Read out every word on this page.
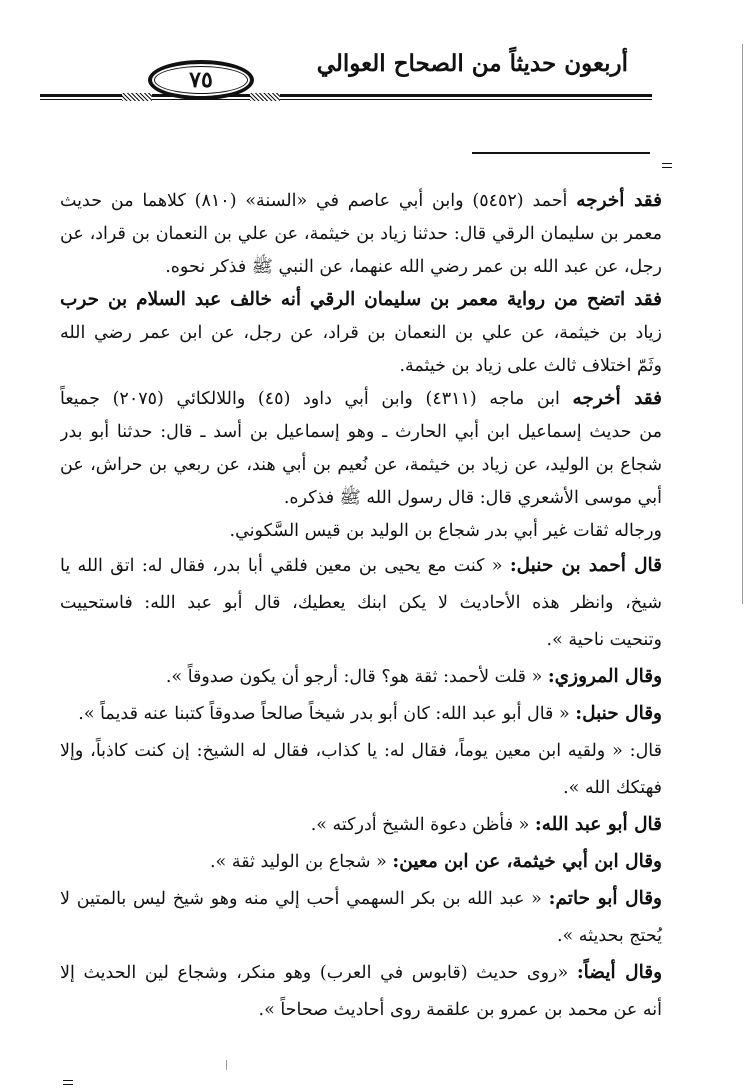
أربعون حديثاً من الصحاح العوالي
٧٥
فقد أخرجه أحمد (٥٤٥٢) وابن أبي عاصم في «السنة» (٨١٠) كلاهما من حديث
معمر بن سليمان الرقي قال: حدثنا زياد بن خيثمة، عن علي بن النعمان بن قراد، عن
رجل، عن عبد الله بن عمر رضي الله عنهما، عن النبي ﷺ فذكر نحوه.
فقد اتضح من رواية معمر بن سليمان الرقي أنه خالف عبد السلام بن حرب
زياد بن خيثمة، عن علي بن النعمان بن قراد، عن رجل، عن ابن عمر رضي الله
وثَمّ اختلاف ثالث على زياد بن خيثمة.
فقد أخرجه ابن ماجه (٤٣١١) وابن أبي داود (٤٥) واللالكائي (٢٠٧٥) جميعاً
من حديث إسماعيل ابن أبي الحارث ـ وهو إسماعيل بن أسد ـ قال: حدثنا أبو بدر
شجاع بن الوليد، عن زياد بن خيثمة، عن نُعيم بن أبي هند، عن ربعي بن حراش، عن
أبي موسى الأشعري قال: قال رسول الله ﷺ فذكره.
ورجاله ثقات غير أبي بدر شجاع بن الوليد بن قيس السَّكوني.
قال أحمد بن حنبل: « كنت مع يحيى بن معين فلقي أبا بدر، فقال له: اتق الله يا
شيخ، وانظر هذه الأحاديث لا يكن ابنك يعطيك، قال أبو عبد الله: فاستحييت
وتنحيت ناحية ».
وقال المروزي: « قلت لأحمد: ثقة هو؟ قال: أرجو أن يكون صدوقاً ».
وقال حنبل: « قال أبو عبد الله: كان أبو بدر شيخاً صالحاً صدوقاً كتبنا عنه قديماً ».
قال: « ولقيه ابن معين يوماً، فقال له: يا كذاب، فقال له الشيخ: إن كنت كاذباً، وإلا
فهتكك الله ».
قال أبو عبد الله: « فأظن دعوة الشيخ أدركته ».
وقال ابن أبي خيثمة، عن ابن معين: « شجاع بن الوليد ثقة ».
وقال أبو حاتم: « عبد الله بن بكر السهمي أحب إلي منه وهو شيخ ليس بالمتين لا
يُحتج بحديثه ».
وقال أيضاً: «روى حديث (قابوس في العرب) وهو منكر، وشجاع لين الحديث إلا
أنه عن محمد بن عمرو بن علقمة روى أحاديث صحاحاً ».
